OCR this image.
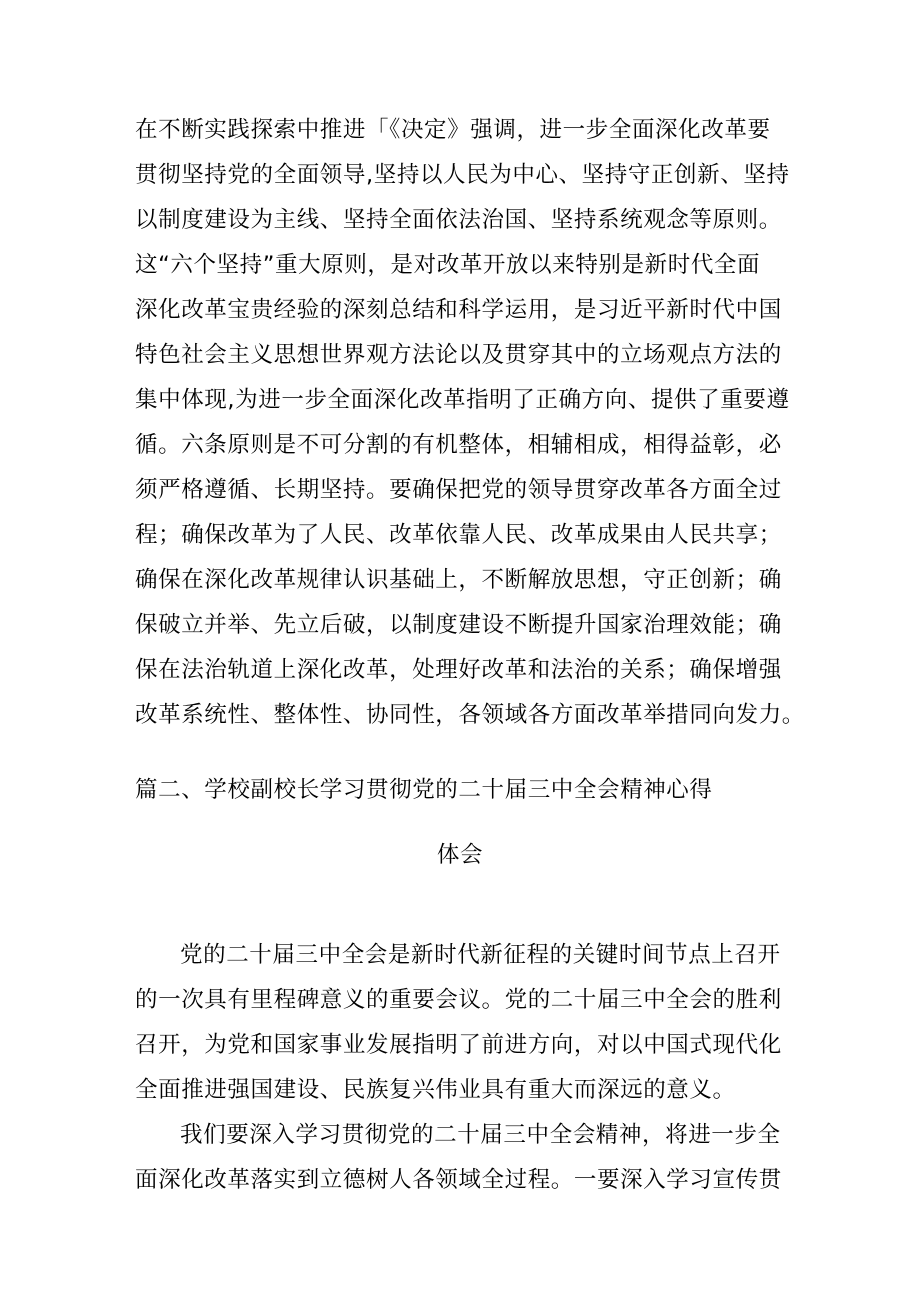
在不断实践探索中推进「《决定》强调，进一步全面深化改革要
贯彻坚持党的全面领导,坚持以人民为中心、坚持守正创新、坚持
以制度建设为主线、坚持全面依法治国、坚持系统观念等原则。
这“六个坚持”重大原则，是对改革开放以来特别是新时代全面
深化改革宝贵经验的深刻总结和科学运用，是习近平新时代中国
特色社会主义思想世界观方法论以及贯穿其中的立场观点方法的
集中体现,为进一步全面深化改革指明了正确方向、提供了重要遵
循。六条原则是不可分割的有机整体，相辅相成，相得益彰，必
须严格遵循、长期坚持。要确保把党的领导贯穿改革各方面全过
程；确保改革为了人民、改革依靠人民、改革成果由人民共享；
确保在深化改革规律认识基础上，不断解放思想，守正创新；确
保破立并举、先立后破，以制度建设不断提升国家治理效能；确
保在法治轨道上深化改革，处理好改革和法治的关系；确保增强
改革系统性、整体性、协同性，各领域各方面改革举措同向发力。
篇二、学校副校长学习贯彻党的二十届三中全会精神心得
体会
党的二十届三中全会是新时代新征程的关键时间节点上召开
的一次具有里程碑意义的重要会议。党的二十届三中全会的胜利
召开，为党和国家事业发展指明了前进方向，对以中国式现代化
全面推进强国建设、民族复兴伟业具有重大而深远的意义。
我们要深入学习贯彻党的二十届三中全会精神，将进一步全
面深化改革落实到立德树人各领域全过程。一要深入学习宣传贯
